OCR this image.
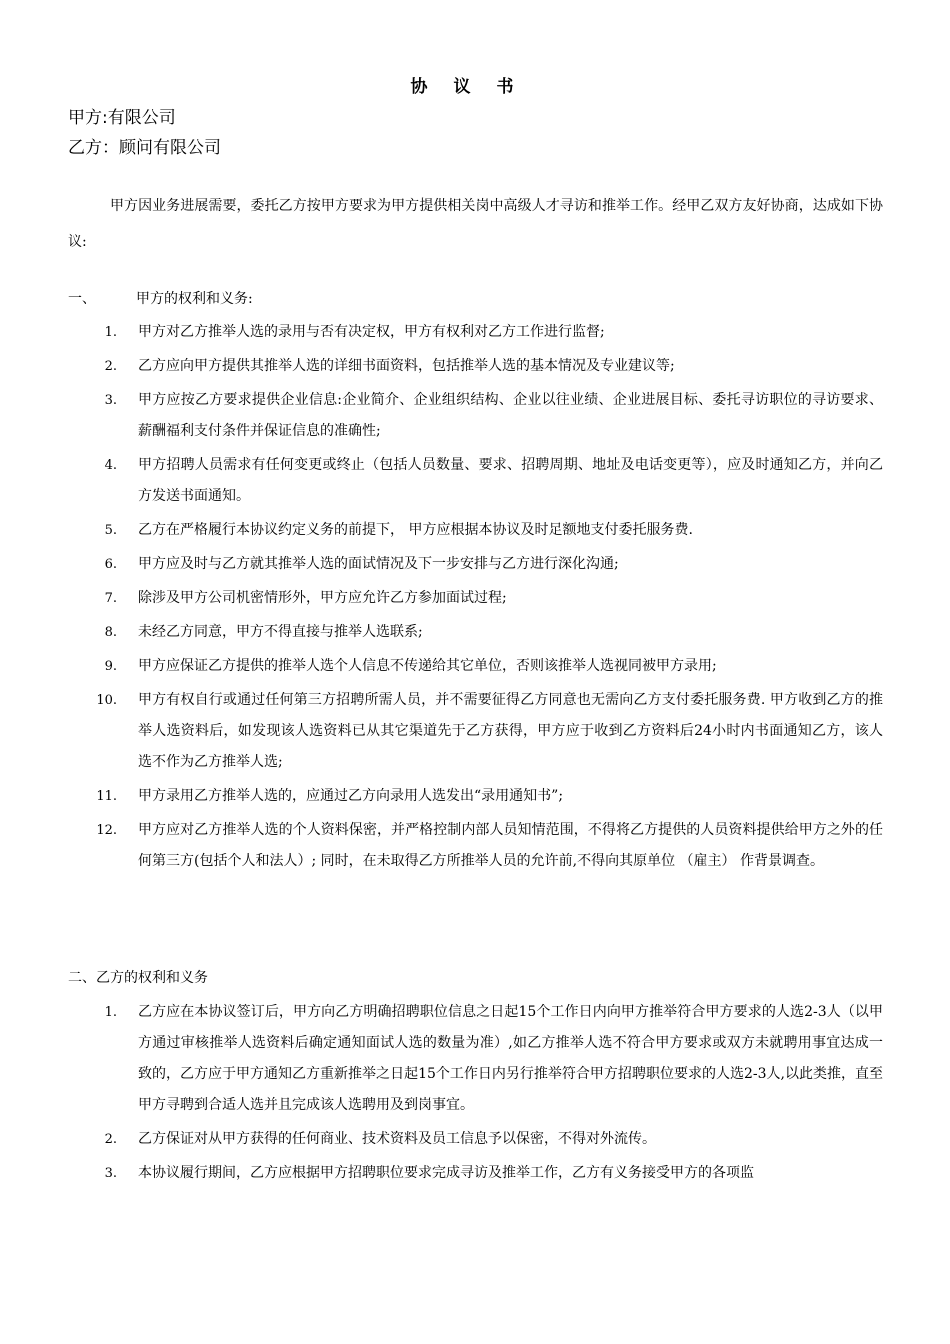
协议书
甲方:有限公司
乙方：顾问有限公司
甲方因业务进展需要，委托乙方按甲方要求为甲方提供相关岗中高级人才寻访和推举工作。经甲乙双方友好协商，达成如下协议:
一、	甲方的权利和义务:
1. 甲方对乙方推举人选的录用与否有决定权，甲方有权利对乙方工作进行监督;
2. 乙方应向甲方提供其推举人选的详细书面资料，包括推举人选的基本情况及专业建议等;
3. 甲方应按乙方要求提供企业信息:企业简介、企业组织结构、企业以往业绩、企业进展目标、委托寻访职位的寻访要求、薪酬福利支付条件并保证信息的准确性;
4. 甲方招聘人员需求有任何变更或终止（包括人员数量、要求、招聘周期、地址及电话变更等），应及时通知乙方，并向乙方发送书面通知。
5. 乙方在严格履行本协议约定义务的前提下， 甲方应根据本协议及时足额地支付委托服务费.
6. 甲方应及时与乙方就其推举人选的面试情况及下一步安排与乙方进行深化沟通;
7. 除涉及甲方公司机密情形外，甲方应允许乙方参加面试过程;
8. 未经乙方同意，甲方不得直接与推举人选联系;
9. 甲方应保证乙方提供的推举人选个人信息不传递给其它单位，否则该推举人选视同被甲方录用;
10. 甲方有权自行或通过任何第三方招聘所需人员，并不需要征得乙方同意也无需向乙方支付委托服务费. 甲方收到乙方的推举人选资料后，如发现该人选资料已从其它渠道先于乙方获得，甲方应于收到乙方资料后24小时内书面通知乙方，该人选不作为乙方推举人选;
11. 甲方录用乙方推举人选的，应通过乙方向录用人选发出“录用通知书”;
12. 甲方应对乙方推举人选的个人资料保密，并严格控制内部人员知情范围，不得将乙方提供的人员资料提供给甲方之外的任何第三方(包括个人和法人）; 同时，在未取得乙方所推举人员的允许前,不得向其原单位 （雇主） 作背景调查。
二、乙方的权利和义务
1. 乙方应在本协议签订后，甲方向乙方明确招聘职位信息之日起15个工作日内向甲方推举符合甲方要求的人选2-3人（以甲方通过审核推举人选资料后确定通知面试人选的数量为准）,如乙方推举人选不符合甲方要求或双方未就聘用事宜达成一致的，乙方应于甲方通知乙方重新推举之日起15个工作日内另行推举符合甲方招聘职位要求的人选2-3人,以此类推，直至甲方寻聘到合适人选并且完成该人选聘用及到岗事宜。
2. 乙方保证对从甲方获得的任何商业、技术资料及员工信息予以保密，不得对外流传。
3. 本协议履行期间，乙方应根据甲方招聘职位要求完成寻访及推举工作，乙方有义务接受甲方的各项监
